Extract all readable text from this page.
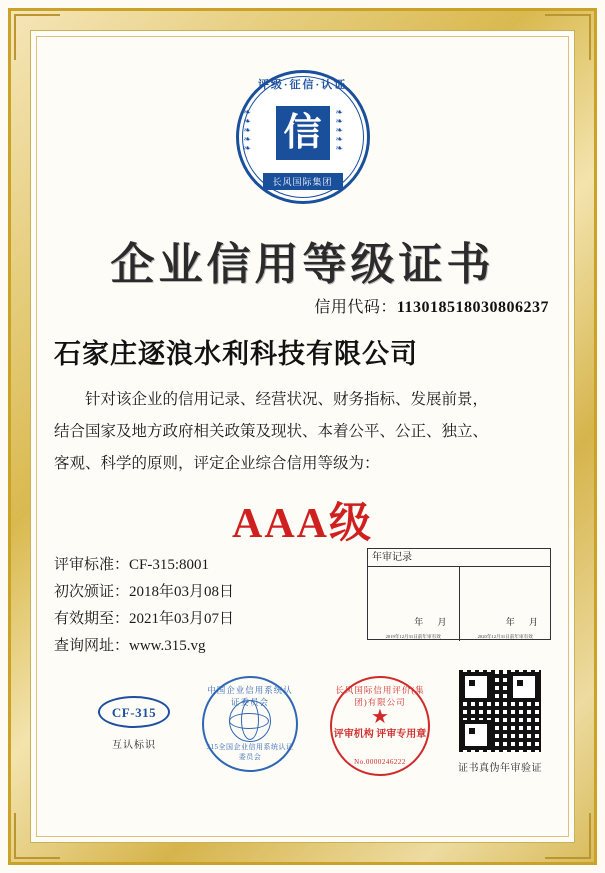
评级·征信·认证
❧
❧
❧
❧
❧
❧
❧
❧
❧
❧
信
长风国际集团
企业信用等级证书
信用代码：113018518030806237
石家庄逐浪水利科技有限公司

针对该企业的信用记录、经营状况、财务指标、发展前景，

结合国家及地方政府相关政策及现状、本着公平、公正、独立、

客观、科学的原则，评定企业综合信用等级为：

AAA级
评审标准：CF-315:8001
初次颁证：2018年03月08日
有效期至：2021年03月07日
查询网址：www.315.vg
年审记录
年 月
2019年12月31日前年审有效
年 月
2020年12月31日前年审有效
CF-315
互认标识
中国企业信用系统认证委员会
315全国企业信用系统认证委员会
长风国际信用评价(集团)有限公司
★
评审机构 评审专用章
No.0000246222
证书真伪年审验证
